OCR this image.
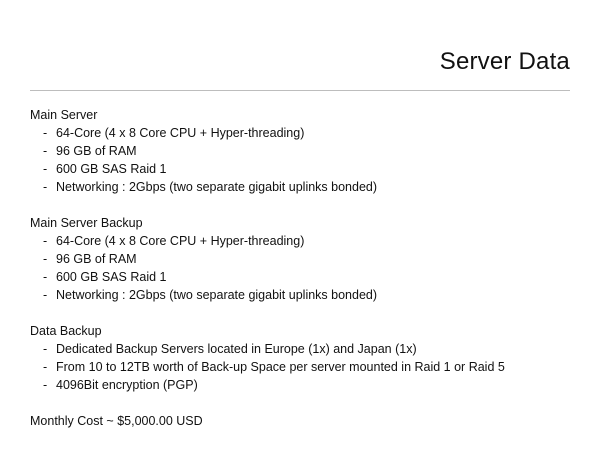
Server Data
Main Server
- 64-Core (4 x 8 Core CPU + Hyper-threading)
- 96 GB of RAM
- 600 GB SAS Raid 1
- Networking : 2Gbps (two separate gigabit uplinks bonded)
Main Server Backup
- 64-Core (4 x 8 Core CPU + Hyper-threading)
- 96 GB of RAM
- 600 GB SAS Raid 1
- Networking : 2Gbps (two separate gigabit uplinks bonded)
Data Backup
- Dedicated Backup Servers located in Europe (1x) and Japan (1x)
- From 10 to 12TB worth of Back-up Space per server mounted in Raid 1 or Raid 5
- 4096Bit encryption (PGP)
Monthly Cost ~ $5,000.00 USD
